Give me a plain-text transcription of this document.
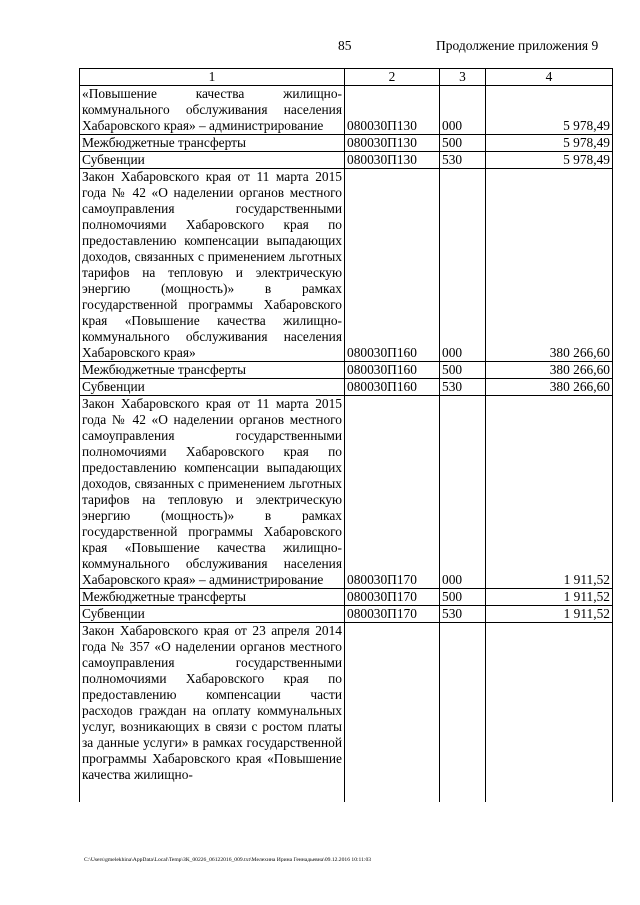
85	Продолжение приложения 9
1	2	3	4
«Повышение качества жилищно-коммунального обслуживания населения Хабаровского края» – администрирование	080030П130	000	5 978,49
Межбюджетные трансферты	080030П130	500	5 978,49
Субвенции	080030П130	530	5 978,49
Закон Хабаровского края от 11 марта 2015 года № 42 «О наделении органов местного самоуправления государственными полномочиями Хабаровского края по предоставлению компенсации выпадающих доходов, связанных с применением льготных тарифов на тепловую и электрическую энергию (мощность)» в рамках государственной программы Хабаровского края «Повышение качества жилищно-коммунального обслуживания населения Хабаровского края»	080030П160	000	380 266,60
Межбюджетные трансферты	080030П160	500	380 266,60
Субвенции	080030П160	530	380 266,60
Закон Хабаровского края от 11 марта 2015 года № 42 «О наделении органов местного самоуправления государственными полномочиями Хабаровского края по предоставлению компенсации выпадающих доходов, связанных с применением льготных тарифов на тепловую и электрическую энергию (мощность)» в рамках государственной программы Хабаровского края «Повышение качества жилищно-коммунального обслуживания населения Хабаровского края» – администрирование	080030П170	000	1 911,52
Межбюджетные трансферты	080030П170	500	1 911,52
Субвенции	080030П170	530	1 911,52
Закон Хабаровского края от 23 апреля 2014 года № 357 «О наделении органов местного самоуправления государственными полномочиями Хабаровского края по предоставлению компенсации части расходов граждан на оплату коммунальных услуг, возникающих в связи с ростом платы за данные услуги» в рамках государственной программы Хабаровского края «Повышение качества жилищно-			
C:\Users\gmelekhina\AppData\Local\Temp\ЗК_00226_06122016_009.txt\Мелехина Ирина Геннадьевна\09.12.2016 10:11:03
